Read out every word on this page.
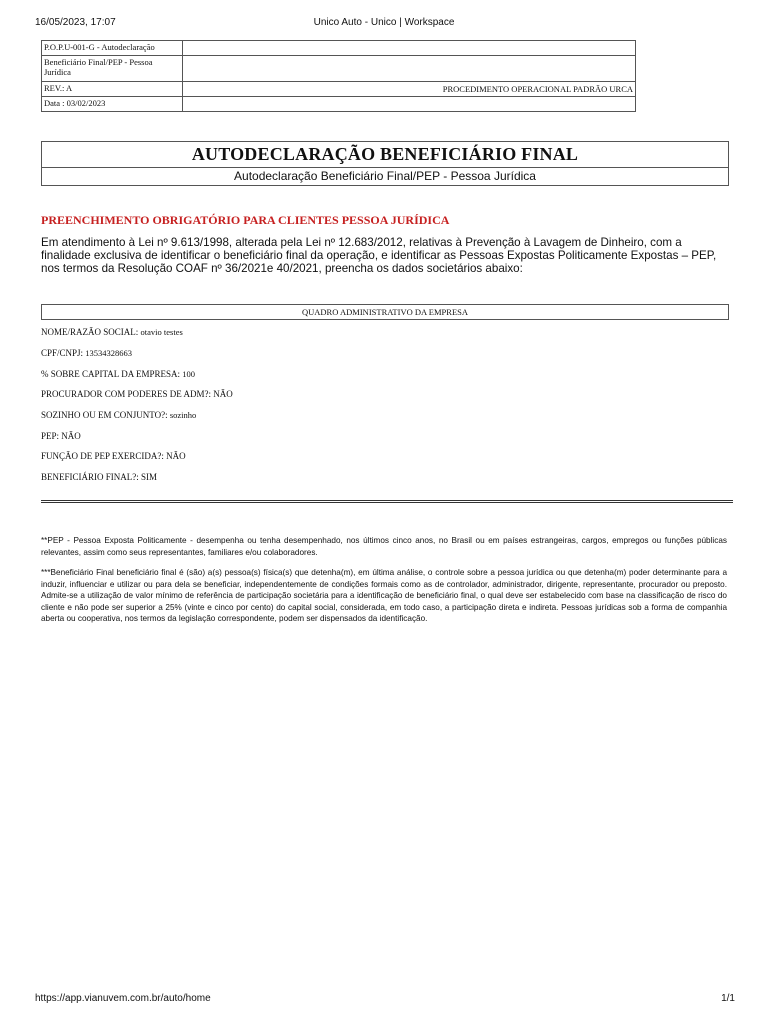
16/05/2023, 17:07	Unico Auto - Unico | Workspace
P.O.P.U-001-G - Autodeclaração	
Beneficiário Final/PEP - Pessoa Jurídica	
REV.: A	PROCEDIMENTO OPERACIONAL PADRÃO URCA
Data : 03/02/2023	
AUTODECLARAÇÃO BENEFICIÁRIO FINAL
Autodeclaração Beneficiário Final/PEP - Pessoa Jurídica
PREENCHIMENTO OBRIGATÓRIO PARA CLIENTES PESSOA JURÍDICA
Em atendimento à Lei nº 9.613/1998, alterada pela Lei nº 12.683/2012, relativas à Prevenção à Lavagem de Dinheiro, com a finalidade exclusiva de identificar o beneficiário final da operação, e identificar as Pessoas Expostas Politicamente Expostas – PEP, nos termos da Resolução COAF nº 36/2021e 40/2021, preencha os dados societários abaixo:
QUADRO ADMINISTRATIVO DA EMPRESA
NOME/RAZÃO SOCIAL: otavio testes
CPF/CNPJ: 13534328663
% SOBRE CAPITAL DA EMPRESA: 100
PROCURADOR COM PODERES DE ADM?: NÃO
SOZINHO OU EM CONJUNTO?: sozinho
PEP: NÃO
FUNÇÃO DE PEP EXERCIDA?: NÃO
BENEFICIÁRIO FINAL?: SIM
**PEP - Pessoa Exposta Politicamente - desempenha ou tenha desempenhado, nos últimos cinco anos, no Brasil ou em países estrangeiras, cargos, empregos ou funções públicas relevantes, assim como seus representantes, familiares e/ou colaboradores.
***Beneficiário Final beneficiário final é (são) a(s) pessoa(s) física(s) que detenha(m), em última análise, o controle sobre a pessoa jurídica ou que detenha(m) poder determinante para a induzir, influenciar e utilizar ou para dela se beneficiar, independentemente de condições formais como as de controlador, administrador, dirigente, representante, procurador ou preposto. Admite-se a utilização de valor mínimo de referência de participação societária para a identificação de beneficiário final, o qual deve ser estabelecido com base na classificação de risco do cliente e não pode ser superior a 25% (vinte e cinco por cento) do capital social, considerada, em todo caso, a participação direta e indireta. Pessoas jurídicas sob a forma de companhia aberta ou cooperativa, nos termos da legislação correspondente, podem ser dispensados da identificação.
https://app.vianuvem.com.br/auto/home	1/1
